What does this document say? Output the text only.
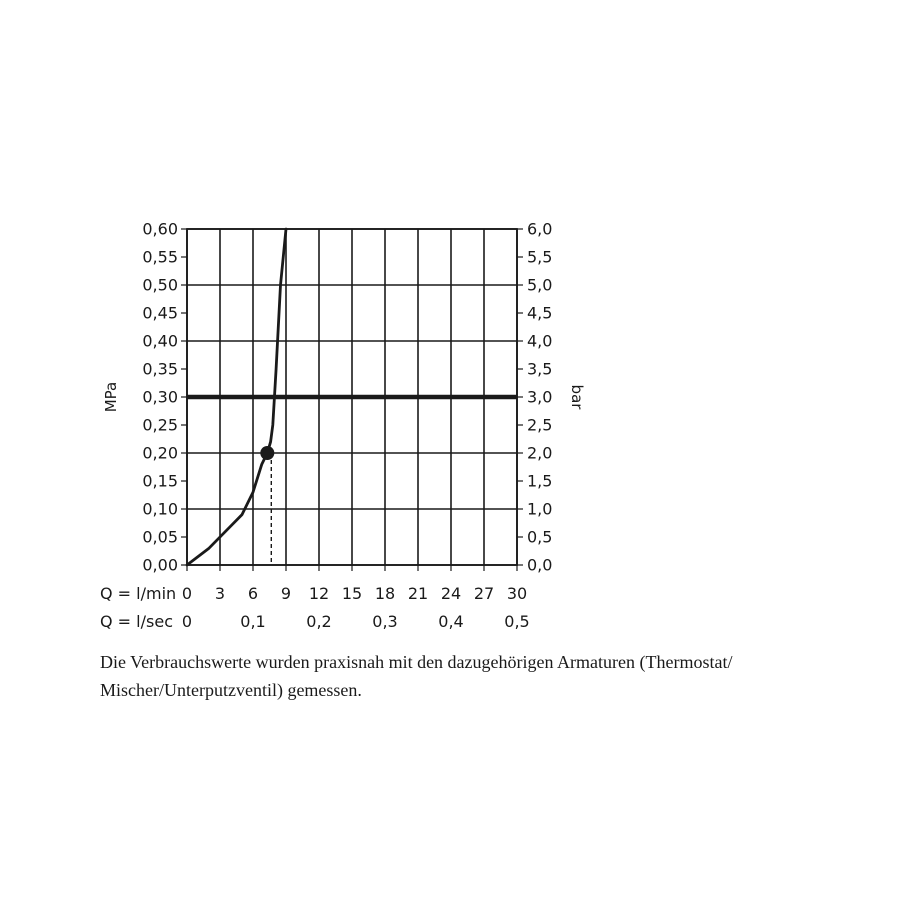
0 3 6 9 12 15 18 21 24 27 30
0,00	0,0
0,05	0,5
0,10	1,0
0,15	1,5
0,20	2,0
0,25	2,5
0,30	3,0
0,35	3,5
0,40	4,0
0,45	4,5
0,50	5,0
0,55	5,5
0,60	6,0
0	0,1	0,2	0,3	0,4	0,5
MPa	bar
Q = l/min
Q = l/sec
Die Verbrauchswerte wurden praxisnah mit den dazugehörigen Armaturen (Thermostat/ Mischer/Unterputzventil) gemessen.
